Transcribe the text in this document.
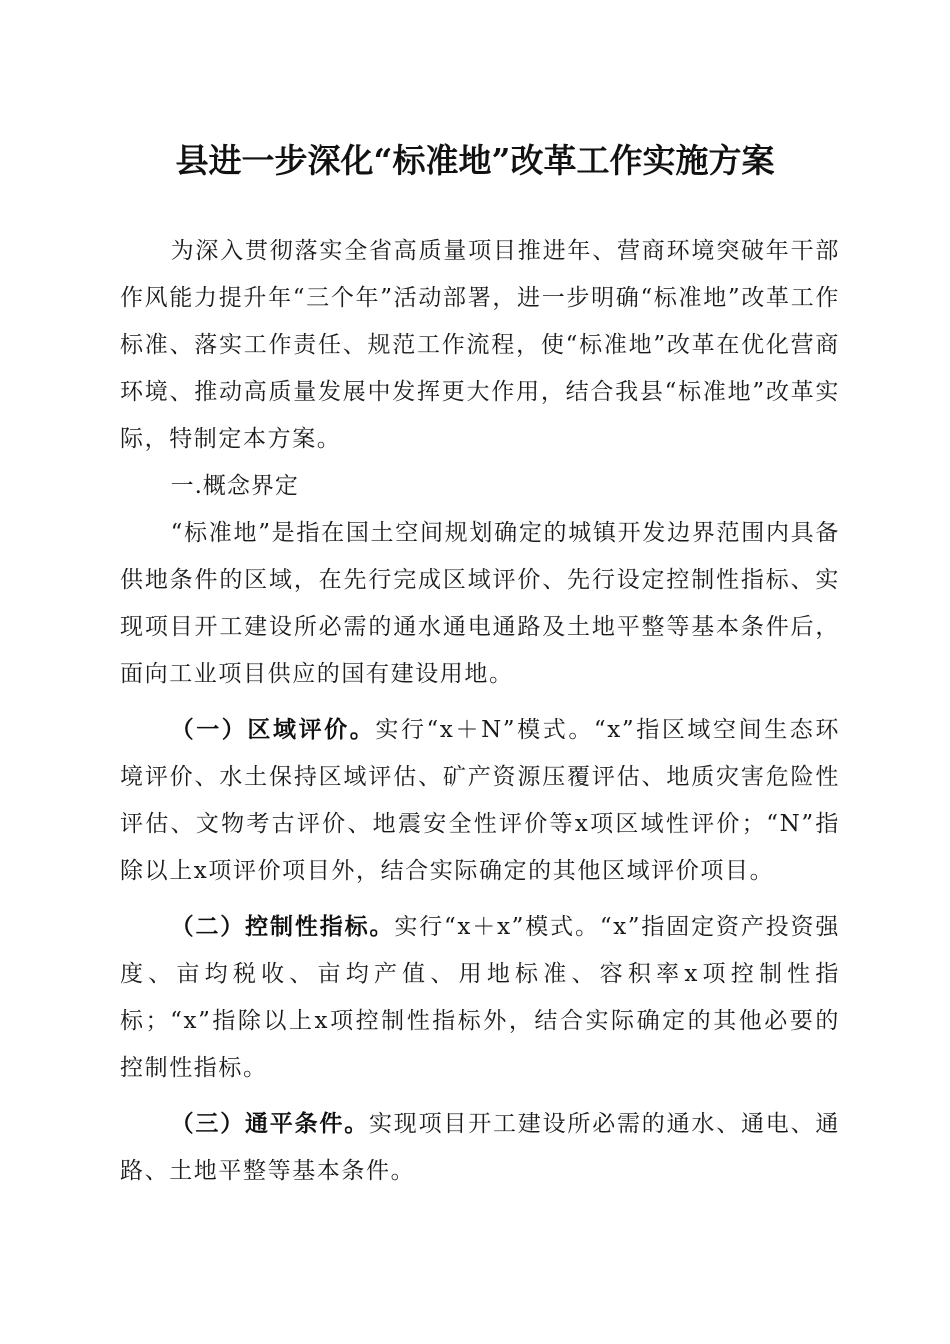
县进一步深化“标准地”改革工作实施方案

为深入贯彻落实全省高质量项目推进年、营商环境突破年干部作风能力提升年“三个年”活动部署，进一步明确“标准地”改革工作标准、落实工作责任、规范工作流程，使“标准地”改革在优化营商环境、推动高质量发展中发挥更大作用，结合我县“标准地”改革实际，特制定本方案。

一.概念界定

“标准地”是指在国土空间规划确定的城镇开发边界范围内具备供地条件的区域，在先行完成区域评价、先行设定控制性指标、实现项目开工建设所必需的通水通电通路及土地平整等基本条件后，面向工业项目供应的国有建设用地。

（一）区域评价。实行“x＋N”模式。“x”指区域空间生态环境评价、水土保持区域评估、矿产资源压覆评估、地质灾害危险性评估、文物考古评价、地震安全性评价等x项区域性评价；“N”指除以上x项评价项目外，结合实际确定的其他区域评价项目。

（二）控制性指标。实行“x＋x”模式。“x”指固定资产投资强度、亩均税收、亩均产值、用地标准、容积率x项控制性指标；“x”指除以上x项控制性指标外，结合实际确定的其他必要的控制性指标。

（三）通平条件。实现项目开工建设所必需的通水、通电、通路、土地平整等基本条件。
